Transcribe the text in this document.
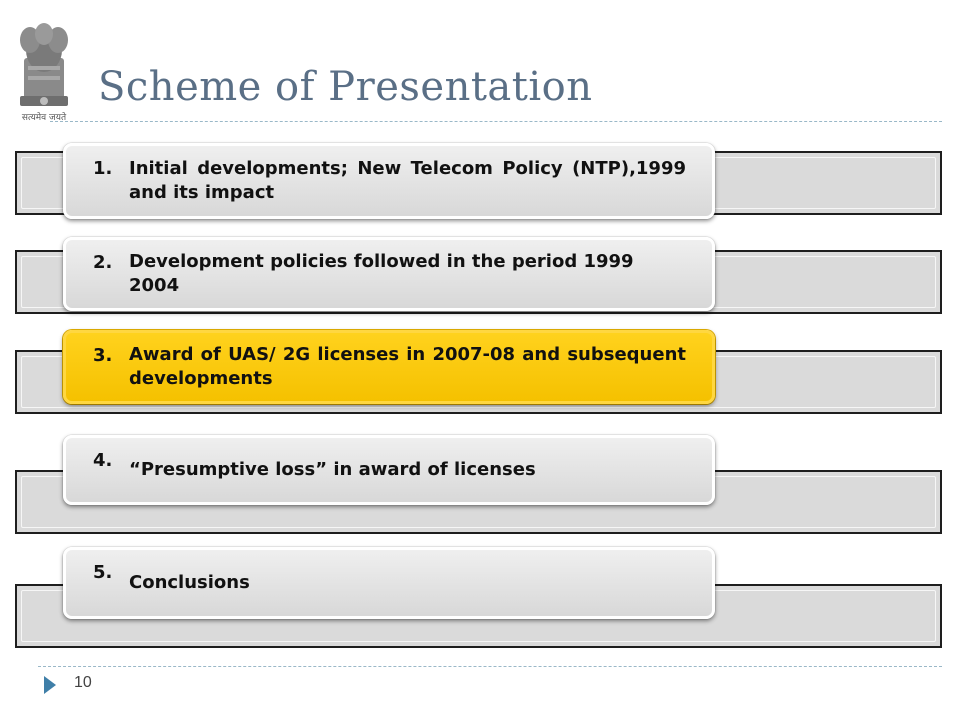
सत्यमेव जयते
Scheme of Presentation
1. Initial developments; New Telecom Policy (NTP),1999 and its impact
2. Development policies followed in the period 1999 2004
3. Award of UAS/ 2G licenses in 2007-08 and subsequent developments
4. “Presumptive loss” in award of licenses
5. Conclusions
10
